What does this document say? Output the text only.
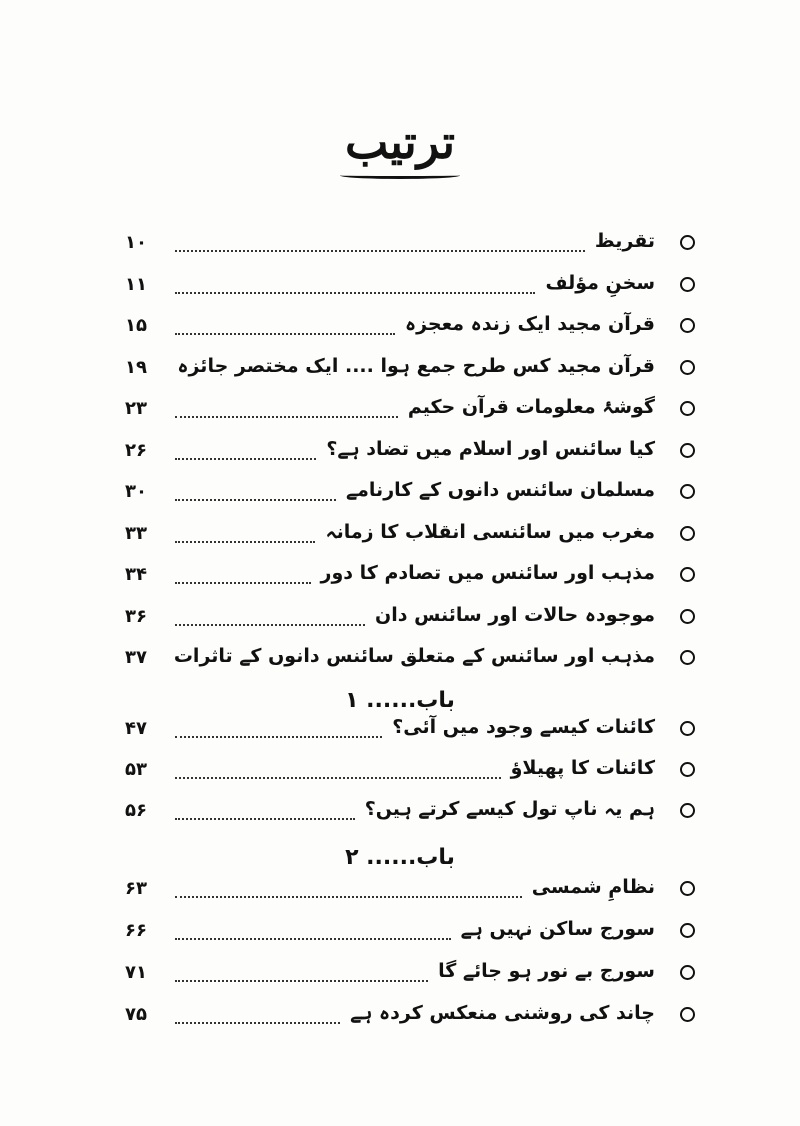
ترتیب
۱۰	تقریظ
۱۱	سخنِ مؤلف
۱۵	قرآن مجید ایک زندہ معجزہ
۱۹	قرآن مجید کس طرح جمع ہوا .... ایک مختصر جائزہ
۲۳	گوشۂ معلومات قرآن حکیم
۲۶	کیا سائنس اور اسلام میں تضاد ہے؟
۳۰	مسلمان سائنس دانوں کے کارنامے
۳۳	مغرب میں سائنسی انقلاب کا زمانہ
۳۴	مذہب اور سائنس میں تصادم کا دور
۳۶	موجودہ حالات اور سائنس دان
۳۷	مذہب اور سائنس کے متعلق سائنس دانوں کے تاثرات
باب...... ۱
۴۷	کائنات کیسے وجود میں آئی؟
۵۳	کائنات کا پھیلاؤ
۵۶	ہم یہ ناپ تول کیسے کرتے ہیں؟
باب...... ۲
۶۳	نظامِ شمسی
۶۶	سورج ساکن نہیں ہے
۷۱	سورج بے نور ہو جائے گا
۷۵	چاند کی روشنی منعکس کردہ ہے
